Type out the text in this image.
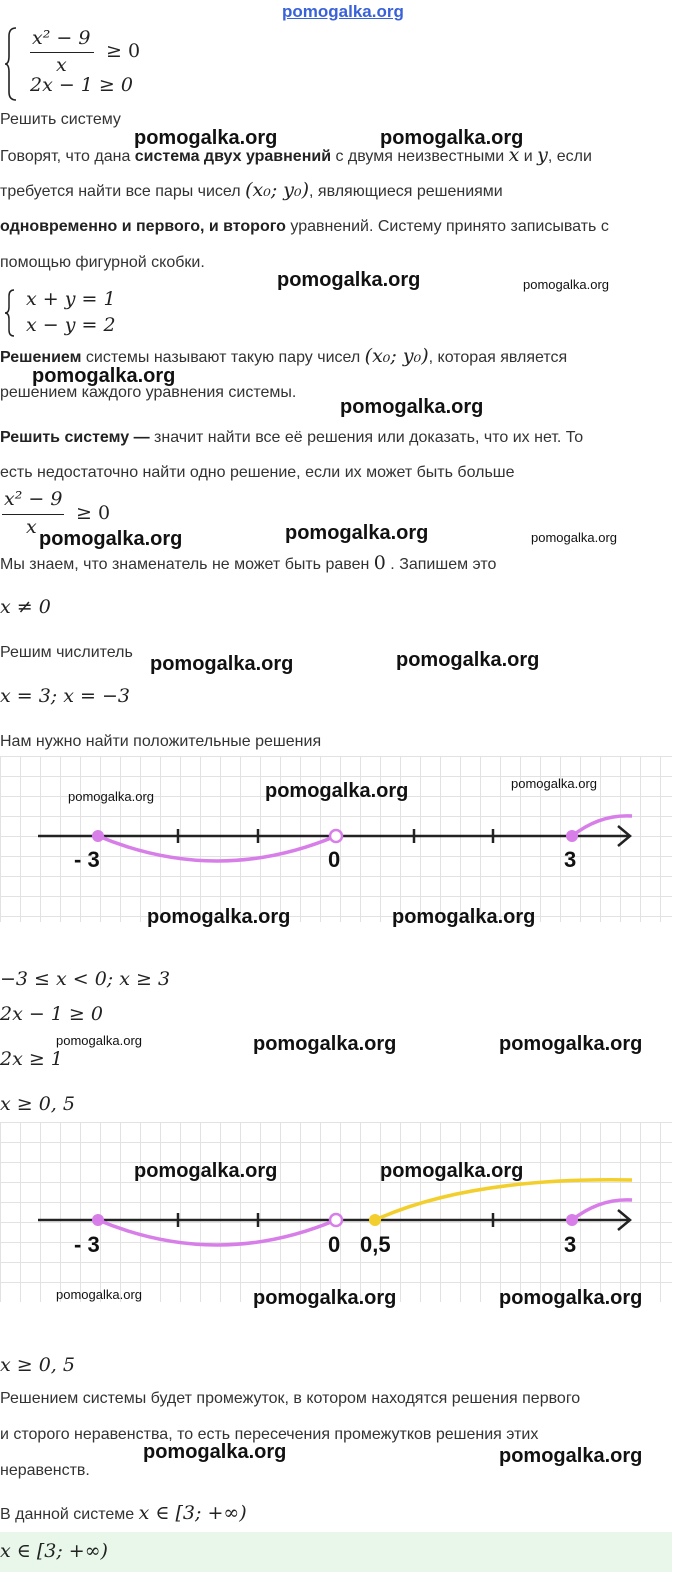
pomogalka.org
x² − 9
x
≥ 0
2x − 1 ≥ 0
Решить систему
Говорят, что дана система двух уравнений с двумя неизвестными x и y, если
требуется найти все пары чисел (x₀; y₀), являющиеся решениями
одновременно и первого, и второго уравнений. Систему принято записывать с
помощью фигурной скобки.
x + y = 1
x − y = 2
Решением системы называют такую пару чисел (x₀; y₀), которая является
решением каждого уравнения системы.
Решить систему — значит найти все её решения или доказать, что их нет. То
есть недостаточно найти одно решение, если их может быть больше
x² − 9
x
≥ 0
Мы знаем, что знаменатель не может быть равен 0 . Запишем это
x ≠ 0
Решим числитель
x = 3; x = −3
Нам нужно найти положительные решения
- 3	0	3
−3 ≤ x < 0; x ≥ 3
2x − 1 ≥ 0
2x ≥ 1
x ≥ 0, 5
- 3	0 0,5	3
x ≥ 0, 5
Решением системы будет промежуток, в котором находятся решения первого
и сторого неравенства, то есть пересечения промежутков решения этих
неравенств.
В данной системе x ∈ [3; +∞)
x ∈ [3; +∞)
pomogalka.org	pomogalka.org
pomogalka.org	pomogalka.org
pomogalka.org
pomogalka.org
pomogalka.org	pomogalka.org	pomogalka.org
pomogalka.org	pomogalka.org
pomogalka.org	pomogalka.org	pomogalka.org
pomogalka.org	pomogalka.org
pomogalka.org	pomogalka.org	pomogalka.org
pomogalka.org	pomogalka.org
pomogalka.org	pomogalka.org	pomogalka.org
pomogalka.org	pomogalka.org
